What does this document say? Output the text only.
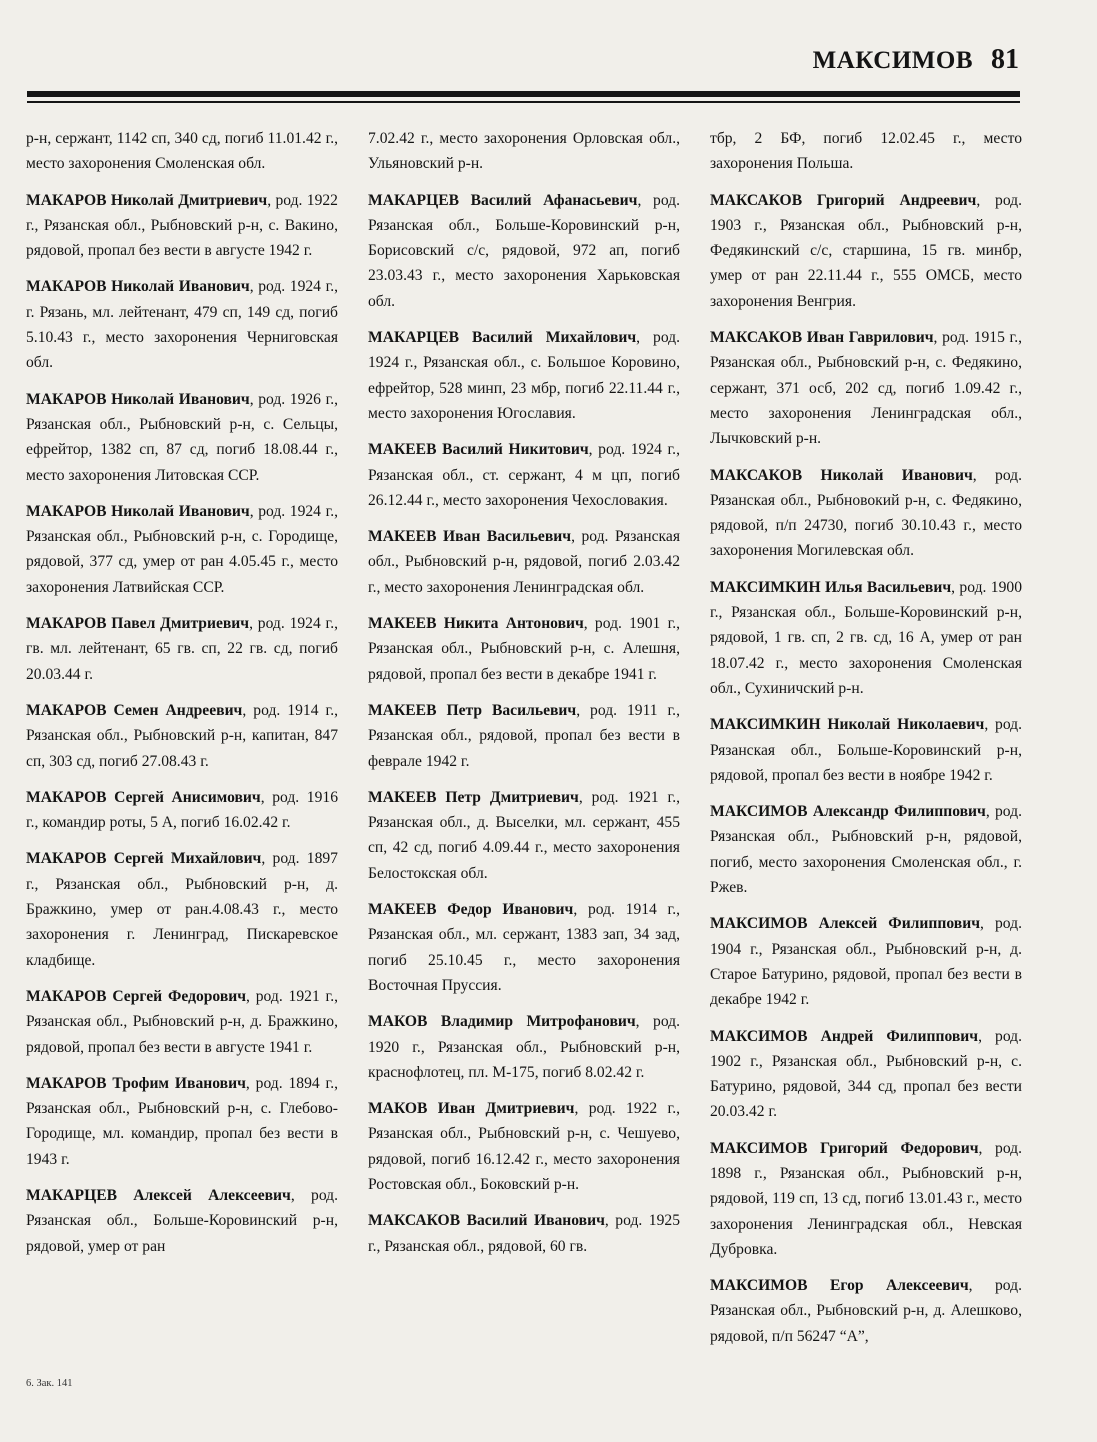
МАКСИМОВ 81

р-н, сержант, 1142 сп, 340 сд, погиб 11.01.42 г., место захоронения Смоленская обл.

МАКАРОВ Николай Дмитриевич, род. 1922 г., Рязанская обл., Рыбновский р-н, с. Вакино, рядовой, пропал без вести в августе 1942 г.

МАКАРОВ Николай Иванович, род. 1924 г., г. Рязань, мл. лейтенант, 479 сп, 149 сд, погиб 5.10.43 г., место захоронения Черниговская обл.

МАКАРОВ Николай Иванович, род. 1926 г., Рязанская обл., Рыбновский р-н, с. Сельцы, ефрейтор, 1382 сп, 87 сд, погиб 18.08.44 г., место захоронения Литовская ССР.

МАКАРОВ Николай Иванович, род. 1924 г., Рязанская обл., Рыбновский р-н, с. Городище, рядовой, 377 сд, умер от ран 4.05.45 г., место захоронения Латвийская ССР.

МАКАРОВ Павел Дмитриевич, род. 1924 г., гв. мл. лейтенант, 65 гв. сп, 22 гв. сд, погиб 20.03.44 г.

МАКАРОВ Семен Андреевич, род. 1914 г., Рязанская обл., Рыбновский р-н, капитан, 847 сп, 303 сд, погиб 27.08.43 г.

МАКАРОВ Сергей Анисимович, род. 1916 г., командир роты, 5 А, погиб 16.02.42 г.

МАКАРОВ Сергей Михайлович, род. 1897 г., Рязанская обл., Рыбновский р-н, д. Бражкино, умер от ран.4.08.43 г., место захоронения г. Ленинград, Пискаревское кладбище.

МАКАРОВ Сергей Федорович, род. 1921 г., Рязанская обл., Рыбновский р-н, д. Бражкино, рядовой, пропал без вести в августе 1941 г.

МАКАРОВ Трофим Иванович, род. 1894 г., Рязанская обл., Рыбновский р-н, с. Глебово-Городище, мл. командир, пропал без вести в 1943 г.

МАКАРЦЕВ Алексей Алексеевич, род. Рязанская обл., Больше-Коровинский р-н, рядовой, умер от ран

7.02.42 г., место захоронения Орловская обл., Ульяновский р-н.

МАКАРЦЕВ Василий Афанасьевич, род. Рязанская обл., Больше-Коровинский р-н, Борисовский с/с, рядовой, 972 ап, погиб 23.03.43 г., место захоронения Харьковская обл.

МАКАРЦЕВ Василий Михайлович, род. 1924 г., Рязанская обл., с. Большое Коровино, ефрейтор, 528 минп, 23 мбр, погиб 22.11.44 г., место захоронения Югославия.

МАКЕЕВ Василий Никитович, род. 1924 г., Рязанская обл., ст. сержант, 4 м цп, погиб 26.12.44 г., место захоронения Чехословакия.

МАКЕЕВ Иван Васильевич, род. Рязанская обл., Рыбновский р-н, рядовой, погиб 2.03.42 г., место захоронения Ленинградская обл.

МАКЕЕВ Никита Антонович, род. 1901 г., Рязанская обл., Рыбновский р-н, с. Алешня, рядовой, пропал без вести в декабре 1941 г.

МАКЕЕВ Петр Васильевич, род. 1911 г., Рязанская обл., рядовой, пропал без вести в феврале 1942 г.

МАКЕЕВ Петр Дмитриевич, род. 1921 г., Рязанская обл., д. Выселки, мл. сержант, 455 сп, 42 сд, погиб 4.09.44 г., место захоронения Белостокская обл.

МАКЕЕВ Федор Иванович, род. 1914 г., Рязанская обл., мл. сержант, 1383 зап, 34 зад, погиб 25.10.45 г., место захоронения Восточная Пруссия.

МАКОВ Владимир Митрофанович, род. 1920 г., Рязанская обл., Рыбновский р-н, краснофлотец, пл. М-175, погиб 8.02.42 г.

МАКОВ Иван Дмитриевич, род. 1922 г., Рязанская обл., Рыбновский р-н, с. Чешуево, рядовой, погиб 16.12.42 г., место захоронения Ростовская обл., Боковский р-н.

МАКСАКОВ Василий Иванович, род. 1925 г., Рязанская обл., рядовой, 60 гв.

тбр, 2 БФ, погиб 12.02.45 г., место захоронения Польша.

МАКСАКОВ Григорий Андреевич, род. 1903 г., Рязанская обл., Рыбновский р-н, Федякинский с/с, старшина, 15 гв. минбр, умер от ран 22.11.44 г., 555 ОМСБ, место захоронения Венгрия.

МАКСАКОВ Иван Гаврилович, род. 1915 г., Рязанская обл., Рыбновский р-н, с. Федякино, сержант, 371 осб, 202 сд, погиб 1.09.42 г., место захоронения Ленинградская обл., Лычковский р-н.

МАКСАКОВ Николай Иванович, род. Рязанская обл., Рыбновокий р-н, с. Федякино, рядовой, п/п 24730, погиб 30.10.43 г., место захоронения Могилевская обл.

МАКСИМКИН Илья Васильевич, род. 1900 г., Рязанская обл., Больше-Коровинский р-н, рядовой, 1 гв. сп, 2 гв. сд, 16 А, умер от ран 18.07.42 г., место захоронения Смоленская обл., Сухиничский р-н.

МАКСИМКИН Николай Николаевич, род. Рязанская обл., Больше-Коровинский р-н, рядовой, пропал без вести в ноябре 1942 г.

МАКСИМОВ Александр Филиппович, род. Рязанская обл., Рыбновский р-н, рядовой, погиб, место захоронения Смоленская обл., г. Ржев.

МАКСИМОВ Алексей Филиппович, род. 1904 г., Рязанская обл., Рыбновский р-н, д. Старое Батурино, рядовой, пропал без вести в декабре 1942 г.

МАКСИМОВ Андрей Филиппович, род. 1902 г., Рязанская обл., Рыбновский р-н, с. Батурино, рядовой, 344 сд, пропал без вести 20.03.42 г.

МАКСИМОВ Григорий Федорович, род. 1898 г., Рязанская обл., Рыбновский р-н, рядовой, 119 сп, 13 сд, погиб 13.01.43 г., место захоронения Ленинградская обл., Невская Дубровка.

МАКСИМОВ Егор Алексеевич, род. Рязанская обл., Рыбновский р-н, д. Алешково, рядовой, п/п 56247 “А”,

6. Зак. 141
